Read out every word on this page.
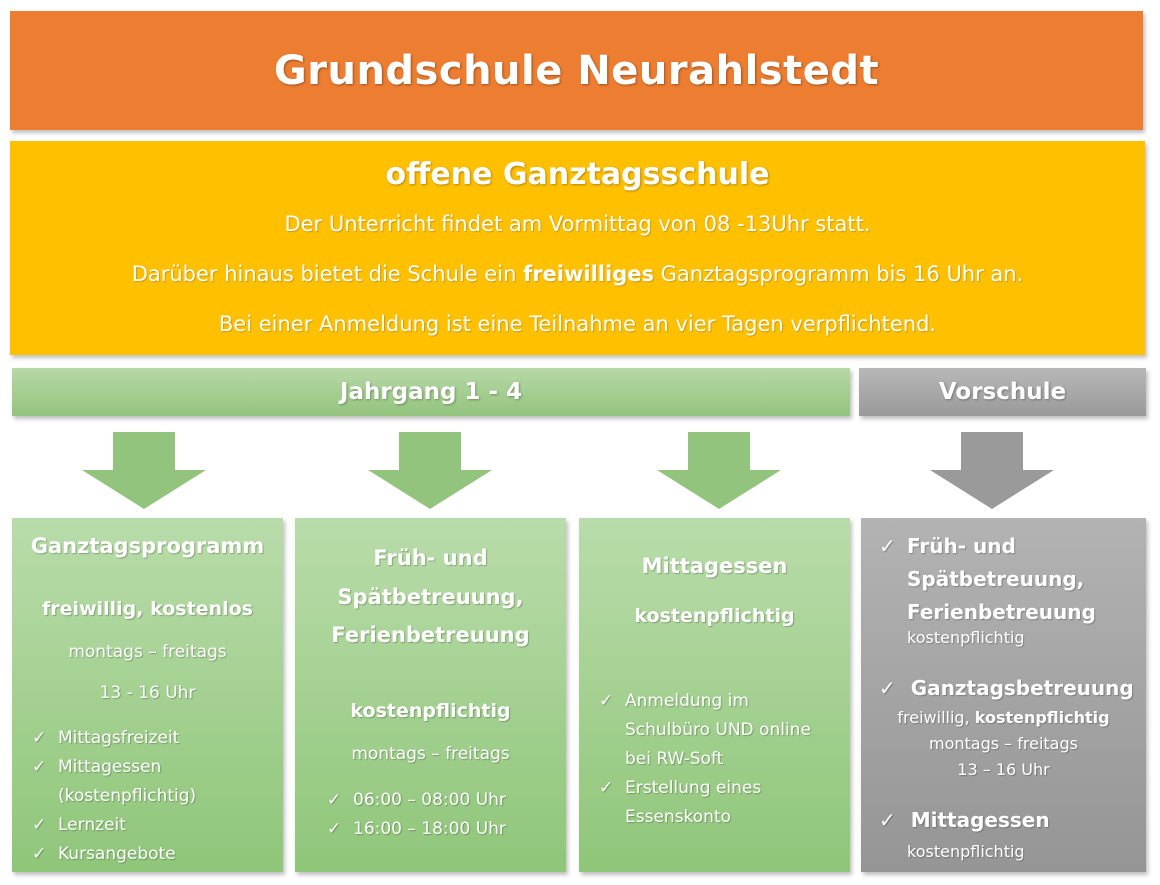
Grundschule Neurahlstedt
offene Ganztagsschule

Der Unterricht findet am Vormittag von 08 -13Uhr statt.

Darüber hinaus bietet die Schule ein freiwilliges Ganztagsprogramm bis 16 Uhr an.

Bei einer Anmeldung ist eine Teilnahme an vier Tagen verpflichtend.

Jahrgang 1 - 4	Vorschule
Ganztagsprogramm
freiwillig, kostenlos
montags – freitags
13 - 16 Uhr
✓ Mittagsfreizeit
✓ Mittagessen
(kostenpflichtig)
✓ Lernzeit
✓ Kursangebote
Früh- und
Spätbetreuung,
Ferienbetreuung
kostenpflichtig
montags – freitags
✓ 06:00 – 08:00 Uhr
✓ 16:00 – 18:00 Uhr
Mittagessen
kostenpflichtig
✓ Anmeldung im
Schulbüro UND online
bei RW-Soft
✓ Erstellung eines
Essenskonto
✓ Früh- und
Spätbetreuung,
Ferienbetreuung
kostenpflichtig
✓ Ganztagsbetreuung
freiwillig, kostenpflichtig
montags – freitags
13 – 16 Uhr
✓ Mittagessen
kostenpflichtig
